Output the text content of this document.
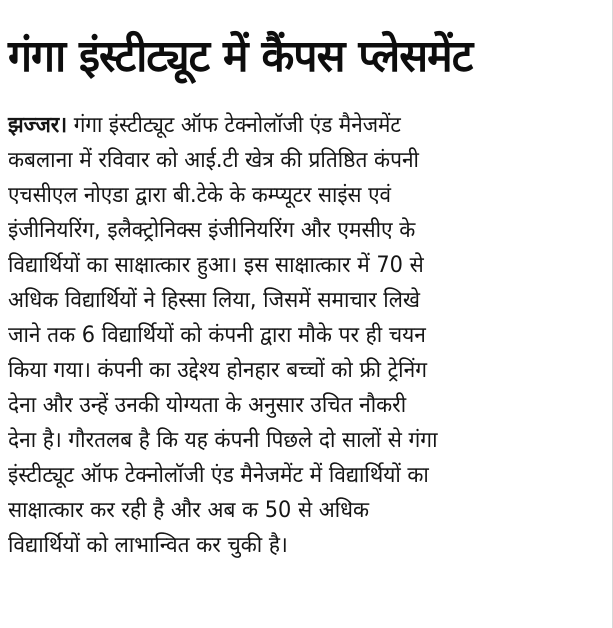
गंगा इंस्टीट्यूट में कैंपस प्लेसमेंट
झज्जर। गंगा इंस्टीट्यूट ऑफ टेक्नोलॉजी एंड मैनेजमेंट
कबलाना में रविवार को आई.टी खेत्र की प्रतिष्ठित कंपनी
एचसीएल नोएडा द्वारा बी.टेके के कम्प्यूटर साइंस एवं
इंजीनियरिंग, इलैक्ट्रोनिक्स इंजीनियरिंग और एमसीए के
विद्यार्थियों का साक्षात्कार हुआ। इस साक्षात्कार में 70 से
अधिक विद्यार्थियों ने हिस्सा लिया, जिसमें समाचार लिखे
जाने तक 6 विद्यार्थियों को कंपनी द्वारा मौके पर ही चयन
किया गया। कंपनी का उद्देश्य होनहार बच्चों को फ्री ट्रेनिंग
देना और उन्हें उनकी योग्यता के अनुसार उचित नौकरी
देना है। गौरतलब है कि यह कंपनी पिछले दो सालों से गंगा
इंस्टीट्यूट ऑफ टेक्नोलॉजी एंड मैनेजमेंट में विद्यार्थियों का
साक्षात्कार कर रही है और अब क 50 से अधिक
विद्यार्थियों को लाभान्वित कर चुकी है।
